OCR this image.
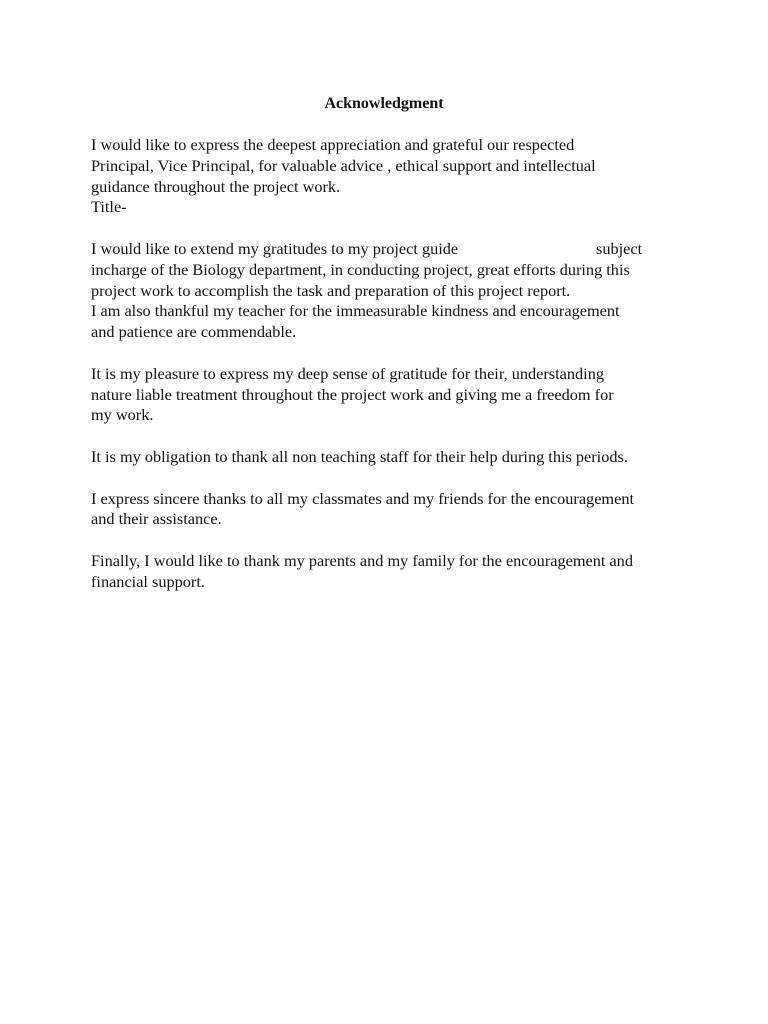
Acknowledgment
I would like to express the deepest appreciation and grateful our respected
Principal, Vice Principal, for valuable advice , ethical support and intellectual
guidance throughout the project work.
Title-
I would like to extend my gratitudes to my project guide	subject
incharge of the Biology department, in conducting project, great efforts during this
project work to accomplish the task and preparation of this project report.
I am also thankful my teacher for the immeasurable kindness and encouragement
and patience are commendable.
It is my pleasure to express my deep sense of gratitude for their, understanding
nature liable treatment throughout the project work and giving me a freedom for
my work.
It is my obligation to thank all non teaching staff for their help during this periods.
I express sincere thanks to all my classmates and my friends for the encouragement
and their assistance.
Finally, I would like to thank my parents and my family for the encouragement and
financial support.
